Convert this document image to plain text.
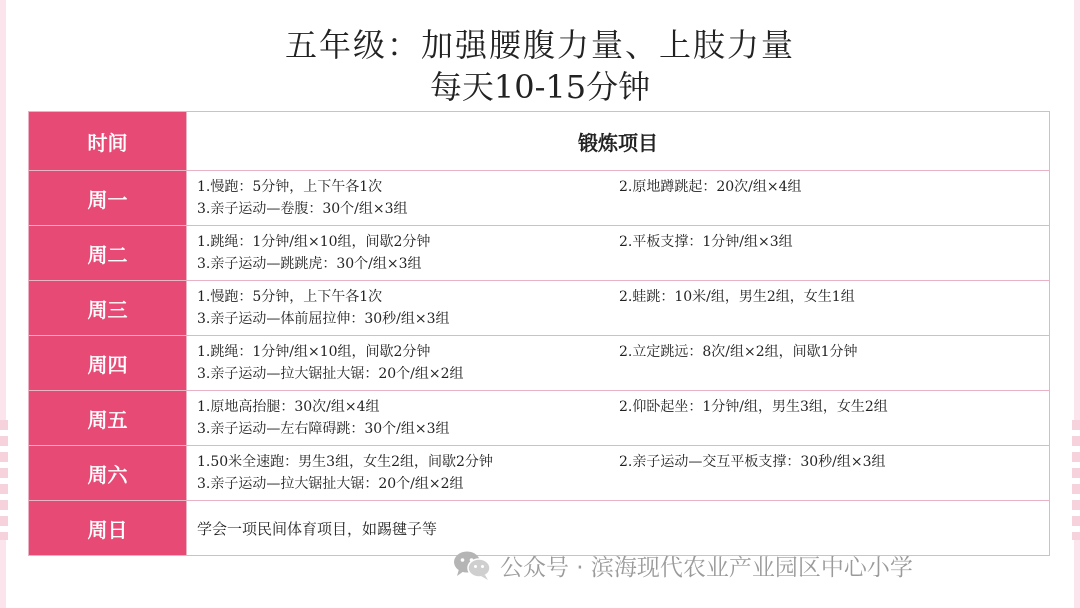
五年级：加强腰腹力量、上肢力量
每天10-15分钟
时间	锻炼项目
周一	1.慢跑：5分钟，上下午各1次 2.原地蹲跳起：20次/组×4组
3.亲子运动—卷腹：30个/组×3组

周二	1.跳绳：1分钟/组×10组，间歇2分钟 2.平板支撑：1分钟/组×3组
3.亲子运动—跳跳虎：30个/组×3组

周三	1.慢跑：5分钟，上下午各1次 2.蛙跳：10米/组，男生2组，女生1组
3.亲子运动—体前屈拉伸：30秒/组×3组

周四	1.跳绳：1分钟/组×10组，间歇2分钟 2.立定跳远：8次/组×2组，间歇1分钟
3.亲子运动—拉大锯扯大锯：20个/组×2组

周五	1.原地高抬腿：30次/组×4组 2.仰卧起坐：1分钟/组，男生3组，女生2组
3.亲子运动—左右障碍跳：30个/组×3组

周六	1.50米全速跑：男生3组，女生2组，间歇2分钟 2.亲子运动—交互平板支撑：30秒/组×3组
3.亲子运动—拉大锯扯大锯：20个/组×2组

周日	学会一项民间体育项目，如踢毽子等
公众号 · 滨海现代农业产业园区中心小学
